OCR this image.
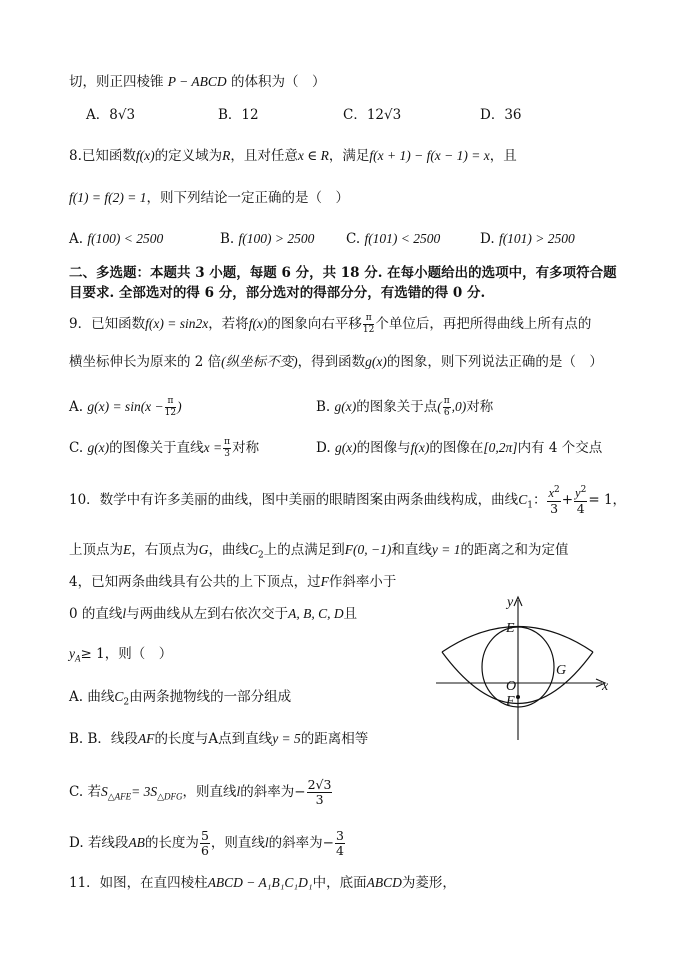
切，则正四棱锥 P − ABCD 的体积为（　）
A．8√3	B．12	C．12√3	D．36
8.已知函数f(x)的定义域为R，且对任意x ∈ R，满足f(x + 1) − f(x − 1) = x，且
f(1) = f(2) = 1，则下列结论一定正确的是（　）
A. f(100) < 2500	B. f(100) > 2500 C. f(101) < 2500	D. f(101) > 2500
二、多选题：本题共 3 小题，每题 6 分，共 18 分. 在每小题给出的选项中，有多项符合题
目要求. 全部选对的得 6 分，部分选对的得部分分，有选错的得 0 分.
9．已知函数f(x) = sin2x，若将f(x)的图象向右平移 $\frac{\pi}{12}$ 个单位后，再把所得曲线上所有点的
横坐标伸长为原来的 2 倍(纵坐标不变)，得到函数g(x)的图象，则下列说法正确的是（　）
A. $g(x) = \sin(x - \frac{\pi}{12}$ )	B. g(x)的图象关于点( $\frac{\pi}{6} ,0$)对称
C. g(x)的图像关于直线$x = \frac{\pi}{3}$ 对称	D. g(x)的图像与f(x)的图像在[0,2π]内有 4 个交点
10．数学中有许多美丽的曲线，图中美丽的眼睛图案由两条曲线构成，曲线$C_1$： $\frac{x^2}{3} + \frac{y^2}{4} = 1$，
上顶点为E，右顶点为G，曲线$C_2$上的点满足到F(0, −1)和直线y = 1的距离之和为定值
4，已知两条曲线具有公共的上下顶点，过F作斜率小于
0 的直线l与两曲线从左到右依次交于A, B, C, D且
$y_A\ge 1$，则（　）
A. 曲线$C_2$由两条抛物线的一部分组成
B. B．线段AF的长度与A点到直线y = 5的距离相等
C. 若$S_{\triangle AFE}= 3S_{\triangle DFG}$，则直线l的斜率为− $\frac{2√3}{3}$
D. 若线段AB的长度为 $\frac{5}{6}$ ，则直线l的斜率为− $\frac{3}{4}$
11．如图，在直四棱柱ABCD − A₁B₁C₁D₁中，底面ABCD为菱形，
y
x
E
G
O
F
